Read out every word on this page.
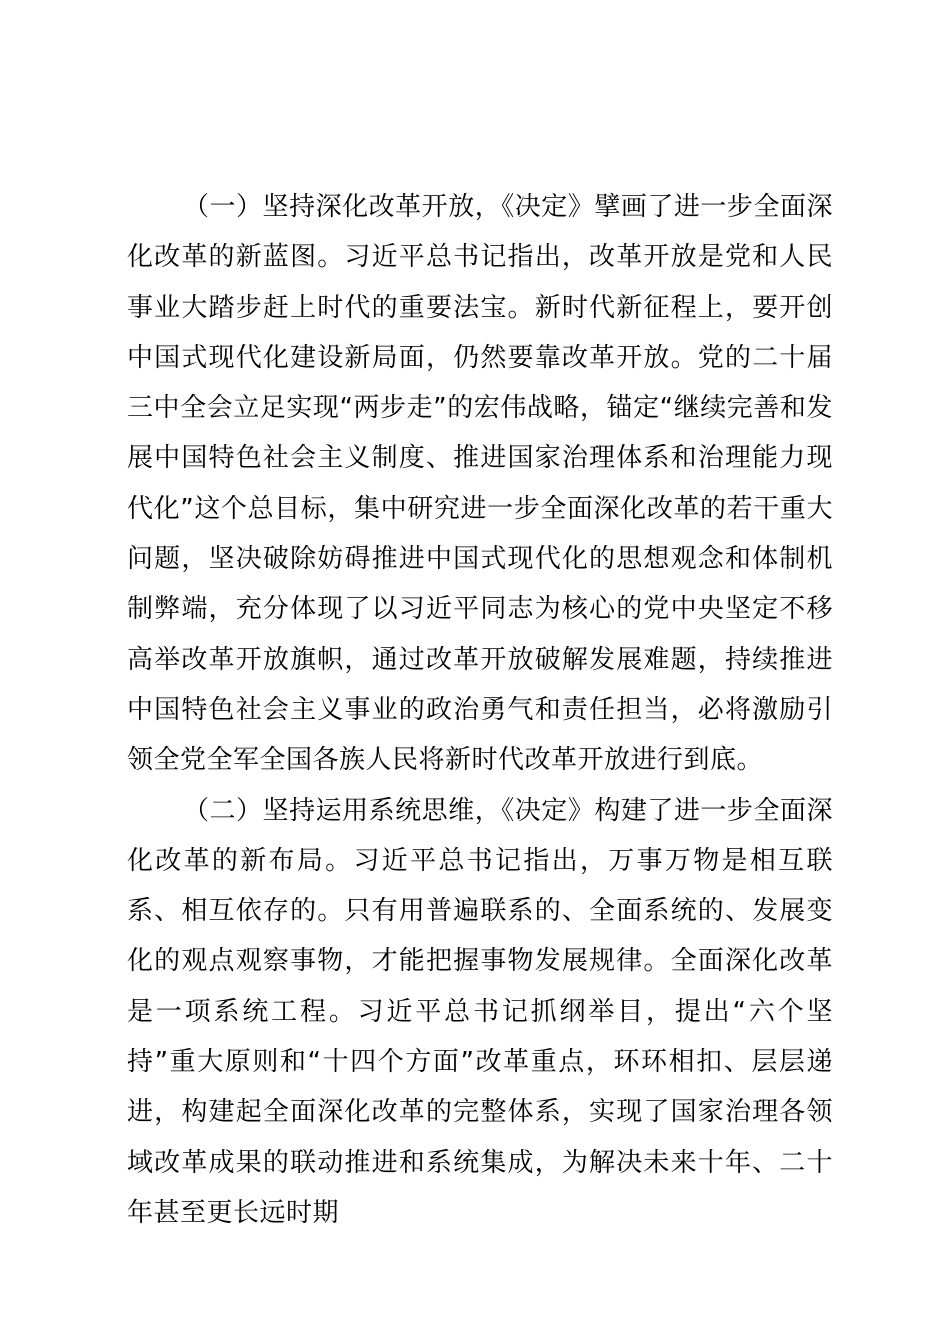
（一）坚持深化改革开放，《决定》擘画了进一步全面深化改革的新蓝图。习近平总书记指出，改革开放是党和人民事业大踏步赶上时代的重要法宝。新时代新征程上，要开创中国式现代化建设新局面，仍然要靠改革开放。党的二十届三中全会立足实现“两步走”的宏伟战略，锚定“继续完善和发展中国特色社会主义制度、推进国家治理体系和治理能力现代化”这个总目标，集中研究进一步全面深化改革的若干重大问题，坚决破除妨碍推进中国式现代化的思想观念和体制机制弊端，充分体现了以习近平同志为核心的党中央坚定不移高举改革开放旗帜，通过改革开放破解发展难题，持续推进中国特色社会主义事业的政治勇气和责任担当，必将激励引领全党全军全国各族人民将新时代改革开放进行到底。

（二）坚持运用系统思维，《决定》构建了进一步全面深化改革的新布局。习近平总书记指出，万事万物是相互联系、相互依存的。只有用普遍联系的、全面系统的、发展变化的观点观察事物，才能把握事物发展规律。全面深化改革是一项系统工程。习近平总书记抓纲举目，提出“六个坚持”重大原则和“十四个方面”改革重点，环环相扣、层层递进，构建起全面深化改革的完整体系，实现了国家治理各领域改革成果的联动推进和系统集成，为解决未来十年、二十年甚至更长远时期
